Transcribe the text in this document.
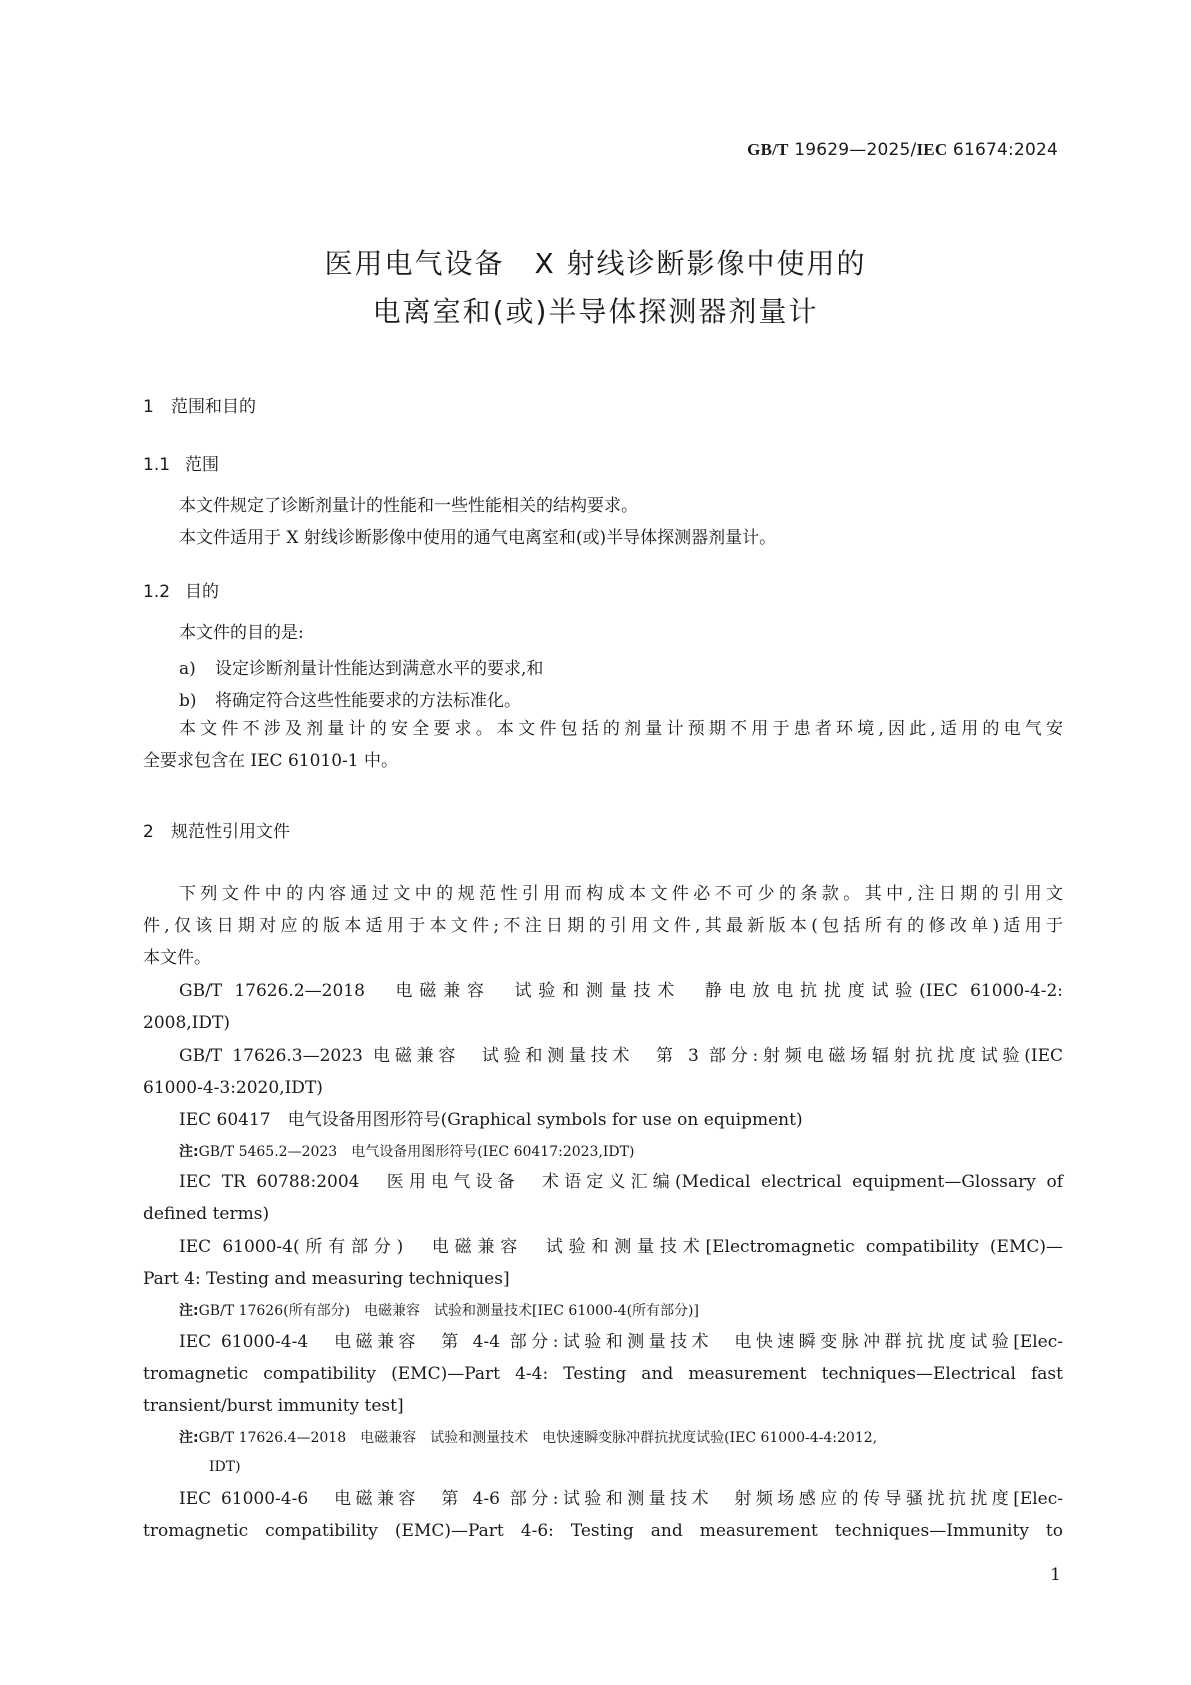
GB/T 19629—2025/IEC 61674:2024
医用电气设备　X 射线诊断影像中使用的
电离室和(或)半导体探测器剂量计
1 范围和目的
1.1 范围
本文件规定了诊断剂量计的性能和一些性能相关的结构要求。
本文件适用于 X 射线诊断影像中使用的通气电离室和(或)半导体探测器剂量计。
1.2 目的
本文件的目的是:
a) 设定诊断剂量计性能达到满意水平的要求,和
b) 将确定符合这些性能要求的方法标准化。
本文件不涉及剂量计的安全要求。本文件包括的剂量计预期不用于患者环境,因此,适用的电气安
全要求包含在 IEC 61010-1 中。
2 规范性引用文件
下列文件中的内容通过文中的规范性引用而构成本文件必不可少的条款。其中,注日期的引用文
件,仅该日期对应的版本适用于本文件;不注日期的引用文件,其最新版本(包括所有的修改单)适用于
本文件。
GB/T 17626.2—2018　电磁兼容　试验和测量技术　静电放电抗扰度试验(IEC 61000-4-2:
2008,IDT)
GB/T 17626.3—2023 电磁兼容　试验和测量技术　第 3 部分:射频电磁场辐射抗扰度试验(IEC
61000-4-3:2020,IDT)
IEC 60417　电气设备用图形符号(Graphical symbols for use on equipment)
注:GB/T 5465.2—2023　电气设备用图形符号(IEC 60417:2023,IDT)
IEC TR 60788:2004　医用电气设备　术语定义汇编(Medical electrical equipment—Glossary of
defined terms)
IEC 61000-4(所有部分)　电磁兼容　试验和测量技术[Electromagnetic compatibility (EMC)—
Part 4: Testing and measuring techniques]
注:GB/T 17626(所有部分)　电磁兼容　试验和测量技术[IEC 61000-4(所有部分)]
IEC 61000-4-4　电磁兼容　第 4-4 部分:试验和测量技术　电快速瞬变脉冲群抗扰度试验[Elec-
tromagnetic compatibility (EMC)—Part 4-4: Testing and measurement techniques—Electrical fast
transient/burst immunity test]
注:GB/T 17626.4—2018　电磁兼容　试验和测量技术　电快速瞬变脉冲群抗扰度试验(IEC 61000-4-4:2012,
IDT)
IEC 61000-4-6　电磁兼容　第 4-6 部分:试验和测量技术　射频场感应的传导骚扰抗扰度[Elec-
tromagnetic compatibility (EMC)—Part 4-6: Testing and measurement techniques—Immunity to
1
